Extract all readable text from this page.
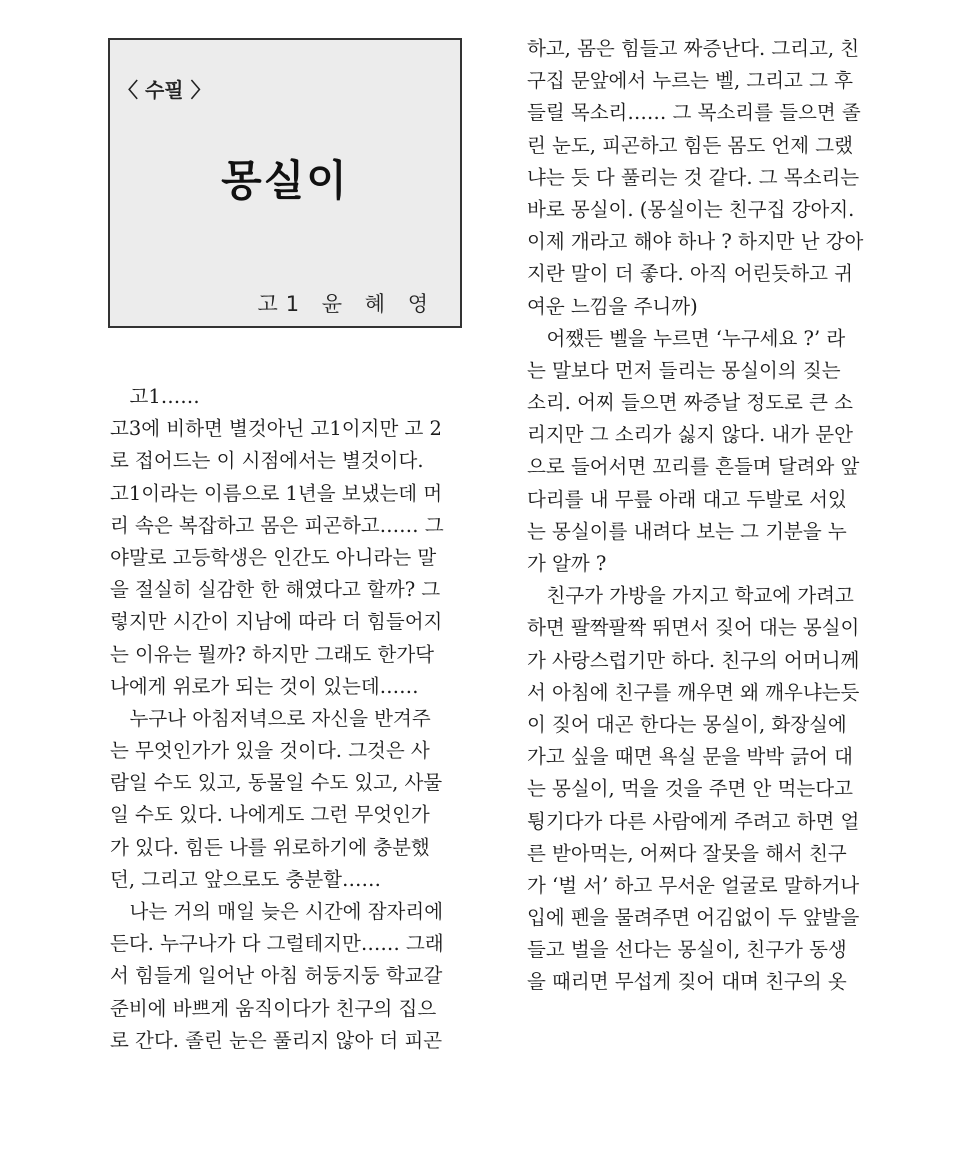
〈 수필 〉
몽실이
고1 윤 혜 영
　고1……
고3에 비하면 별것아닌 고1이지만 고 2
로 접어드는 이 시점에서는 별것이다.
고1이라는 이름으로 1년을 보냈는데 머
리 속은 복잡하고 몸은 피곤하고…… 그
야말로 고등학생은 인간도 아니라는 말
을 절실히 실감한 한 해였다고 할까? 그
렇지만 시간이 지남에 따라 더 힘들어지
는 이유는 뭘까? 하지만 그래도 한가닥
나에게 위로가 되는 것이 있는데……
　누구나 아침저녁으로 자신을 반겨주
는 무엇인가가 있을 것이다. 그것은 사
람일 수도 있고, 동물일 수도 있고, 사물
일 수도 있다. 나에게도 그런 무엇인가
가 있다. 힘든 나를 위로하기에 충분했
던, 그리고 앞으로도 충분할……
　나는 거의 매일 늦은 시간에 잠자리에
든다. 누구나가 다 그럴테지만…… 그래
서 힘들게 일어난 아침 허둥지둥 학교갈
준비에 바쁘게 움직이다가 친구의 집으
로 간다. 졸린 눈은 풀리지 않아 더 피곤
하고, 몸은 힘들고 짜증난다. 그리고, 친
구집 문앞에서 누르는 벨, 그리고 그 후
들릴 목소리…… 그 목소리를 들으면 졸
린 눈도, 피곤하고 힘든 몸도 언제 그랬
냐는 듯 다 풀리는 것 같다. 그 목소리는
바로 몽실이. (몽실이는 친구집 강아지.
이제 개라고 해야 하나 ? 하지만 난 강아
지란 말이 더 좋다. 아직 어린듯하고 귀
여운 느낌을 주니까)
　어쨌든 벨을 누르면 ‘누구세요 ?’ 라
는 말보다 먼저 들리는 몽실이의 짖는
소리. 어찌 들으면 짜증날 정도로 큰 소
리지만 그 소리가 싫지 않다. 내가 문안
으로 들어서면 꼬리를 흔들며 달려와 앞
다리를 내 무릎 아래 대고 두발로 서있
는 몽실이를 내려다 보는 그 기분을 누
가 알까 ?
　친구가 가방을 가지고 학교에 가려고
하면 팔짝팔짝 뛰면서 짖어 대는 몽실이
가 사랑스럽기만 하다. 친구의 어머니께
서 아침에 친구를 깨우면 왜 깨우냐는듯
이 짖어 대곤 한다는 몽실이, 화장실에
가고 싶을 때면 욕실 문을 박박 긁어 대
는 몽실이, 먹을 것을 주면 안 먹는다고
튕기다가 다른 사람에게 주려고 하면 얼
른 받아먹는, 어쩌다 잘못을 해서 친구
가 ‘벌 서’ 하고 무서운 얼굴로 말하거나
입에 펜을 물려주면 어김없이 두 앞발을
들고 벌을 선다는 몽실이, 친구가 동생
을 때리면 무섭게 짖어 대며 친구의 옷
